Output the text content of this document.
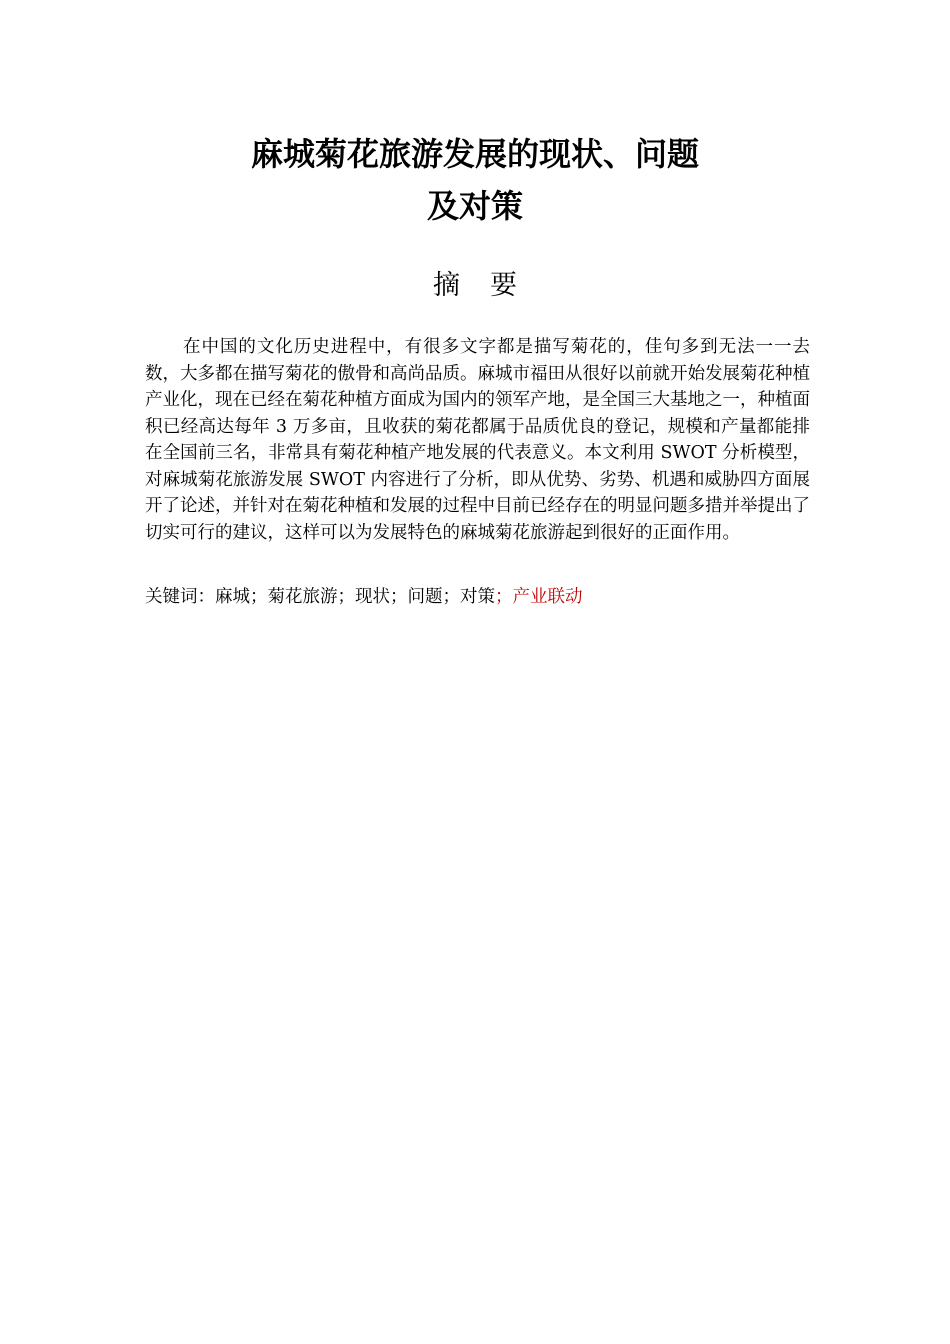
麻城菊花旅游发展的现状、问题
及对策
摘要

在中国的文化历史进程中，有很多文字都是描写菊花的，佳句多到无法一一去数，大多都在描写菊花的傲骨和高尚品质。麻城市福田从很好以前就开始发展菊花种植产业化，现在已经在菊花种植方面成为国内的领军产地，是全国三大基地之一，种植面积已经高达每年 3 万多亩，且收获的菊花都属于品质优良的登记，规模和产量都能排在全国前三名，非常具有菊花种植产地发展的代表意义。本文利用 SWOT 分析模型，对麻城菊花旅游发展 SWOT 内容进行了分析，即从优势、劣势、机遇和威胁四方面展开了论述，并针对在菊花种植和发展的过程中目前已经存在的明显问题多措并举提出了切实可行的建议，这样可以为发展特色的麻城菊花旅游起到很好的正面作用。

关键词：麻城；菊花旅游；现状；问题；对策；产业联动
